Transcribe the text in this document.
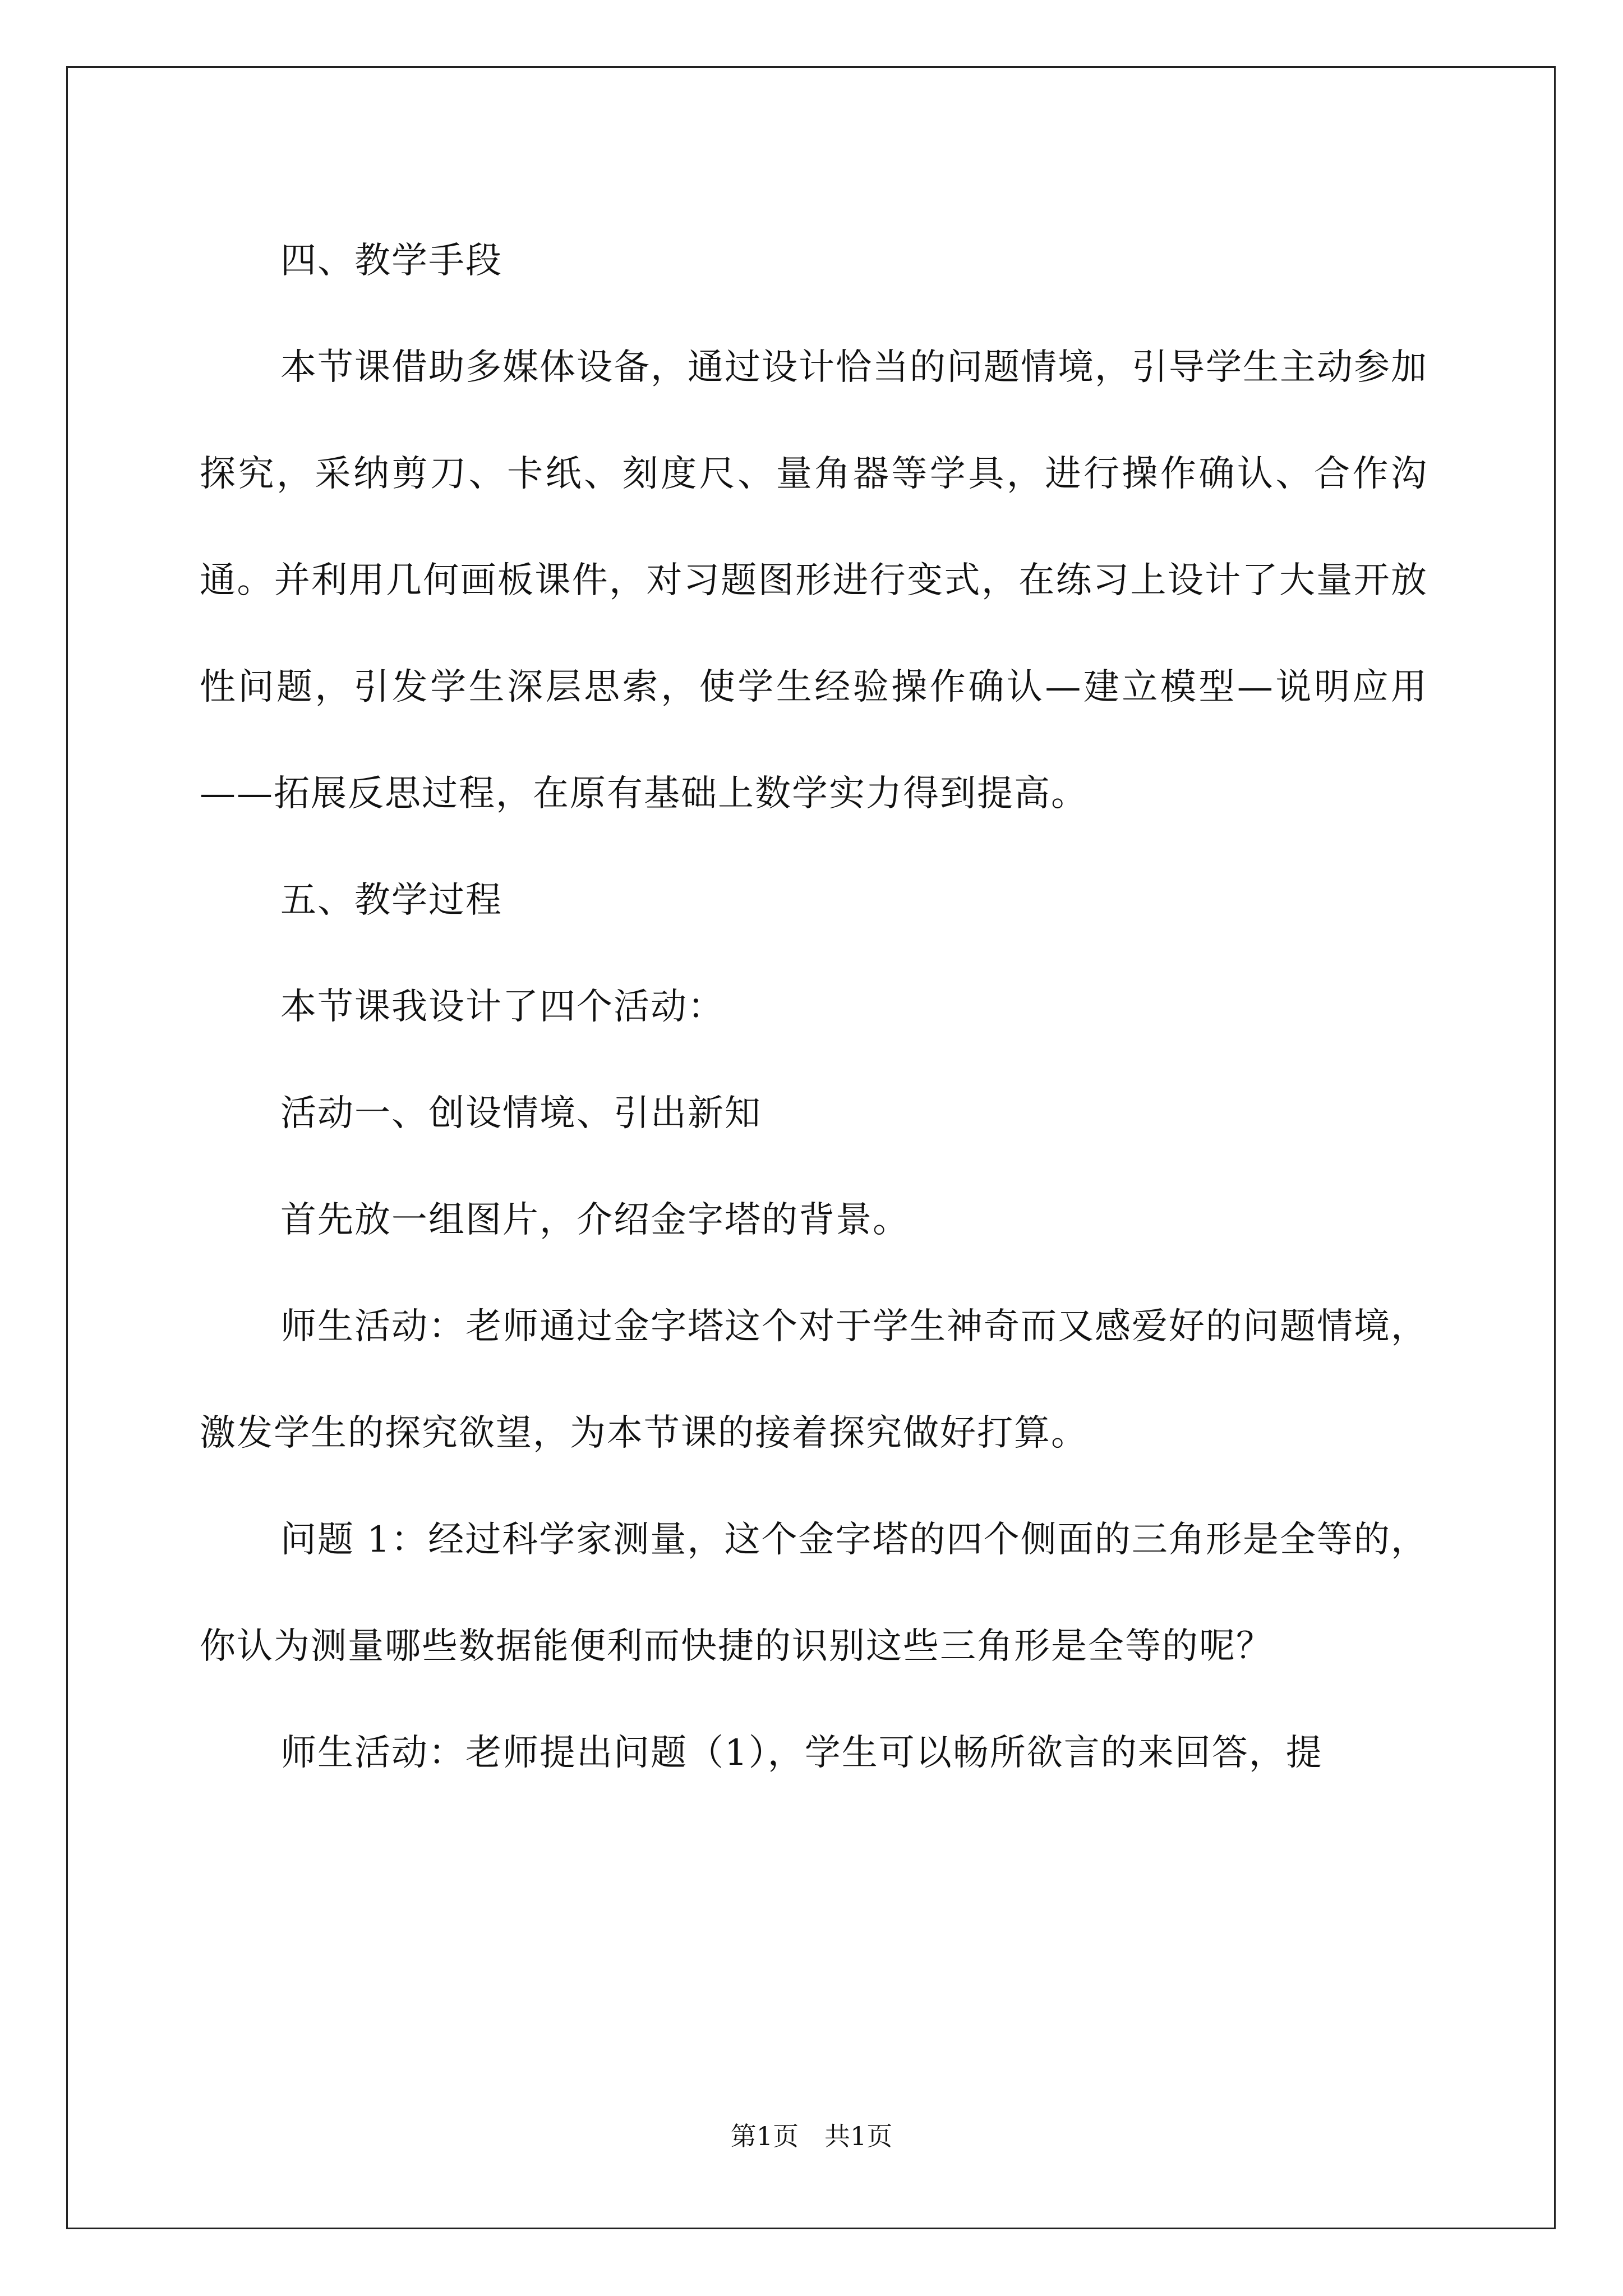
四、教学手段

本节课借助多媒体设备，通过设计恰当的问题情境，引导学生主动参加探究，采纳剪刀、卡纸、刻度尺、量角器等学具，进行操作确认、合作沟通。并利用几何画板课件，对习题图形进行变式，在练习上设计了大量开放性问题，引发学生深层思索，使学生经验操作确认—建立模型—说明应用——拓展反思过程，在原有基础上数学实力得到提高。

五、教学过程

本节课我设计了四个活动：

活动一、创设情境、引出新知

首先放一组图片，介绍金字塔的背景。

师生活动：老师通过金字塔这个对于学生神奇而又感爱好的问题情境，激发学生的探究欲望，为本节课的接着探究做好打算。

问题 1：经过科学家测量，这个金字塔的四个侧面的三角形是全等的，你认为测量哪些数据能便利而快捷的识别这些三角形是全等的呢？

师生活动：老师提出问题（1），学生可以畅所欲言的来回答，提

第1页 共1页
